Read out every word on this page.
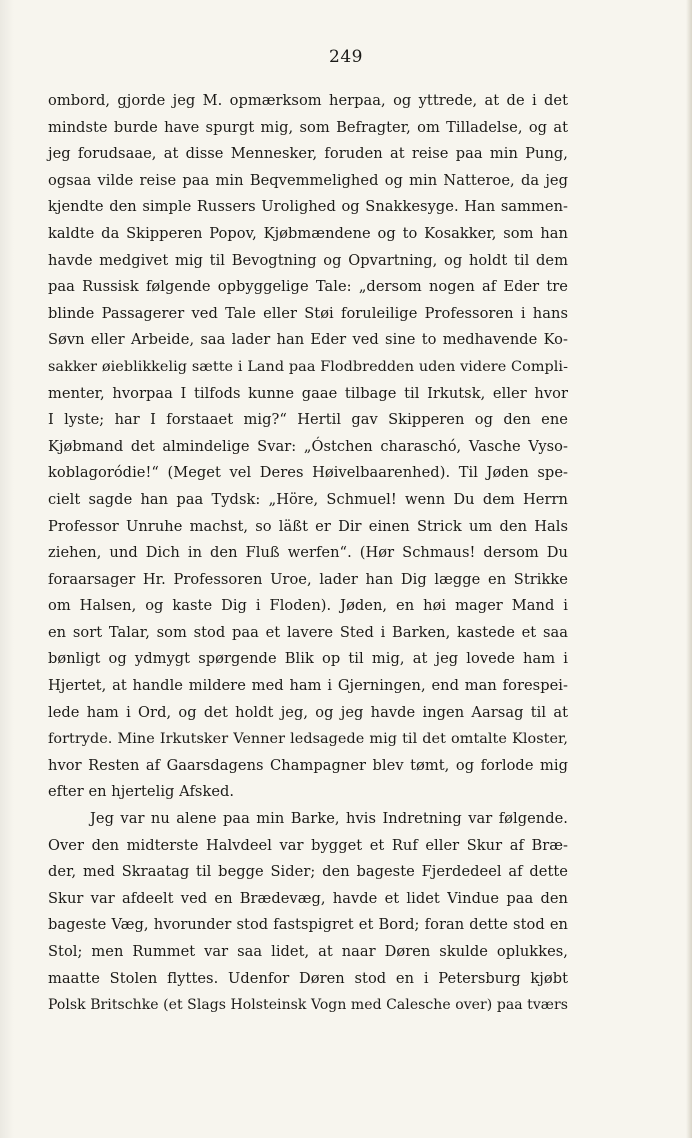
249
ombord, gjorde jeg M. opmærksom herpaa, og yttrede, at de i det
mindste burde have spurgt mig, som Befragter, om Tilladelse, og at
jeg forudsaae, at disse Mennesker, foruden at reise paa min Pung,
ogsaa vilde reise paa min Beqvemmelighed og min Natteroe, da jeg
kjendte den simple Russers Urolighed og Snakkesyge. Han sammen-
kaldte da Skipperen Popov, Kjøbmændene og to Kosakker, som han
havde medgivet mig til Bevogtning og Opvartning, og holdt til dem
paa Russisk følgende opbyggelige Tale: „dersom nogen af Eder tre
blinde Passagerer ved Tale eller Støi foruleilige Professoren i hans
Søvn eller Arbeide, saa lader han Eder ved sine to medhavende Ko-
sakker øieblikkelig sætte i Land paa Flodbredden uden videre Compli-
menter, hvorpaa I tilfods kunne gaae tilbage til Irkutsk, eller hvor
I lyste; har I forstaaet mig?“ Hertil gav Skipperen og den ene
Kjøbmand det almindelige Svar: „Óstchen charaschó, Vasche Vyso-
koblagoródie!“ (Meget vel Deres Høivelbaarenhed). Til Jøden spe-
cielt sagde han paa Tydsk: „Höre, Schmuel! wenn Du dem Herrn
Professor Unruhe machst, so läßt er Dir einen Strick um den Hals
ziehen, und Dich in den Fluß werfen“. (Hør Schmaus! dersom Du
foraarsager Hr. Professoren Uroe, lader han Dig lægge en Strikke
om Halsen, og kaste Dig i Floden). Jøden, en høi mager Mand i
en sort Talar, som stod paa et lavere Sted i Barken, kastede et saa
bønligt og ydmygt spørgende Blik op til mig, at jeg lovede ham i
Hjertet, at handle mildere med ham i Gjerningen, end man forespei-
lede ham i Ord, og det holdt jeg, og jeg havde ingen Aarsag til at
fortryde. Mine Irkutsker Venner ledsagede mig til det omtalte Kloster,
hvor Resten af Gaarsdagens Champagner blev tømt, og forlode mig
efter en hjertelig Afsked.
Jeg var nu alene paa min Barke, hvis Indretning var følgende.
Over den midterste Halvdeel var bygget et Ruf eller Skur af Bræ-
der, med Skraatag til begge Sider; den bageste Fjerdedeel af dette
Skur var afdeelt ved en Brædevæg, havde et lidet Vindue paa den
bageste Væg, hvorunder stod fastspigret et Bord; foran dette stod en
Stol; men Rummet var saa lidet, at naar Døren skulde oplukkes,
maatte Stolen flyttes. Udenfor Døren stod en i Petersburg kjøbt
Polsk Britschke (et Slags Holsteinsk Vogn med Calesche over) paa tværs
